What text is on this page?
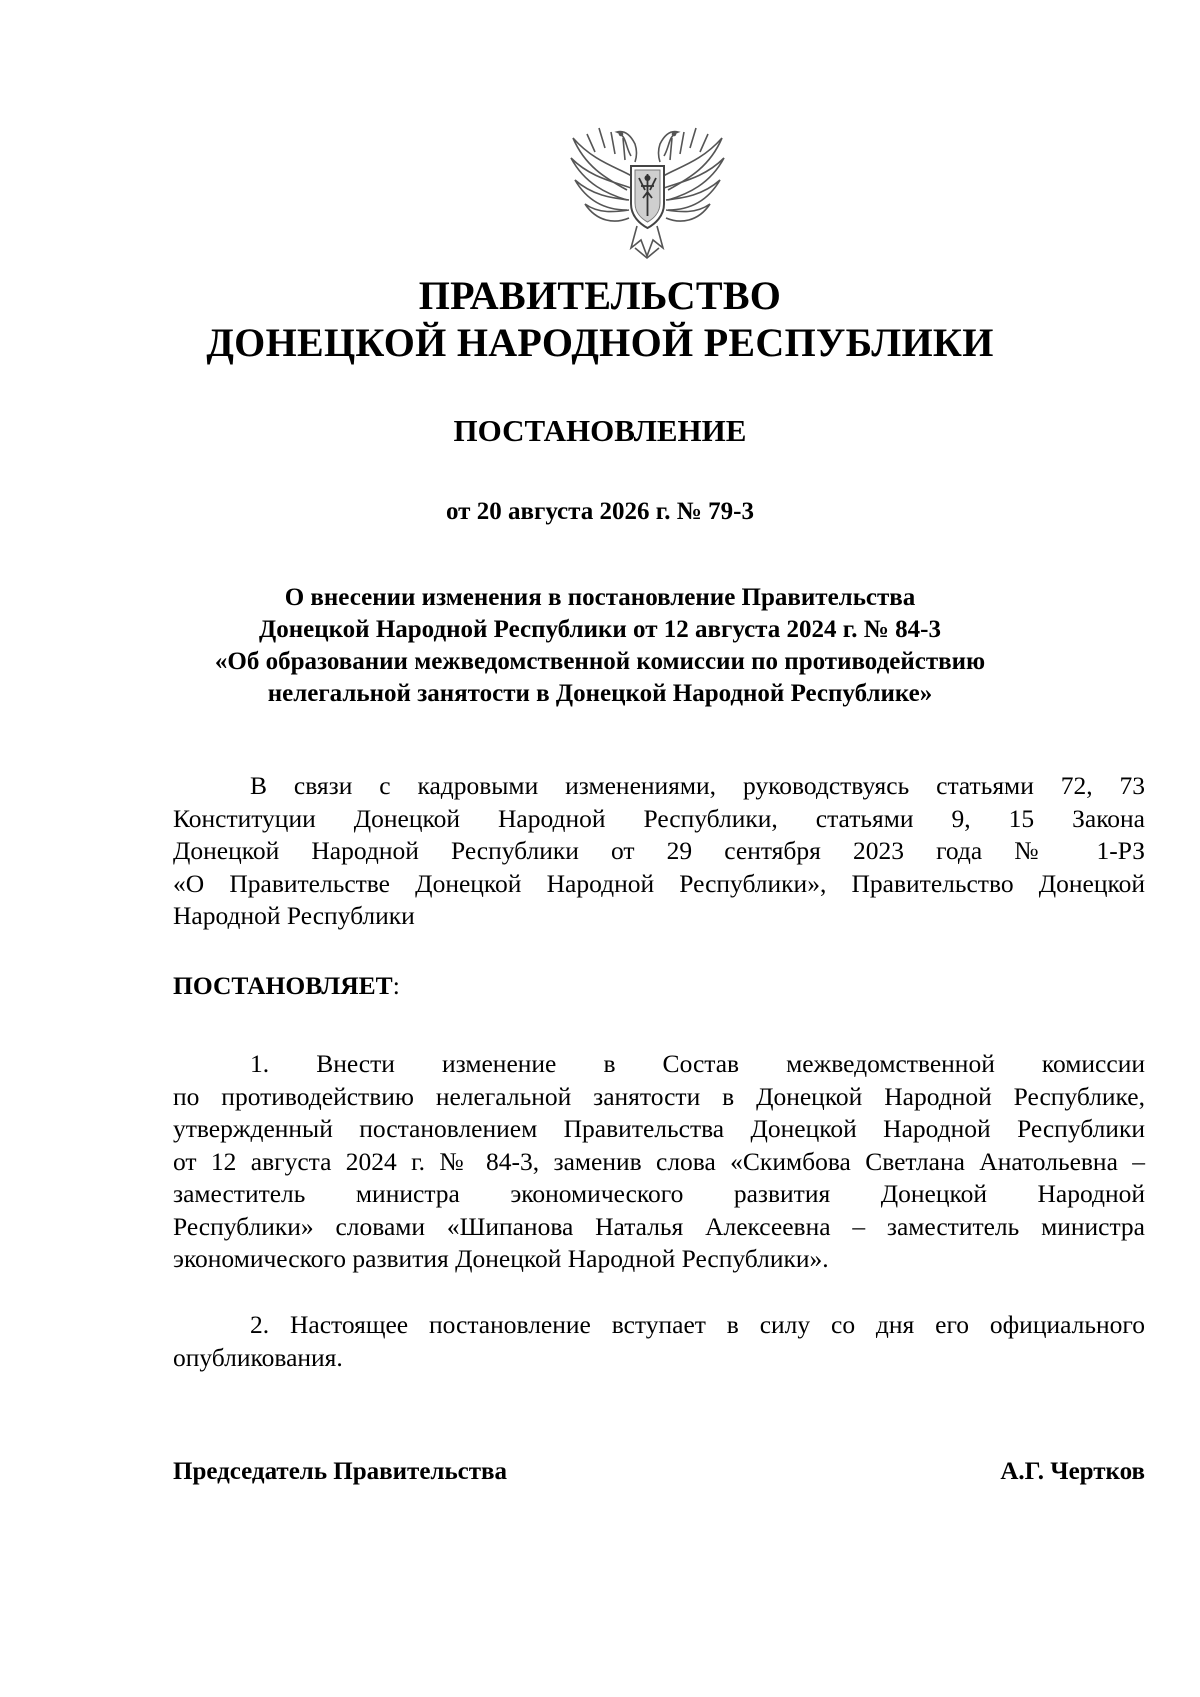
ПРАВИТЕЛЬСТВО
ДОНЕЦКОЙ НАРОДНОЙ РЕСПУБЛИКИ
ПОСТАНОВЛЕНИЕ
от 20 августа 2026 г. № 79-3
О внесении изменения в постановление Правительства
Донецкой Народной Республики от 12 августа 2024 г. № 84-3
«Об образовании межведомственной комиссии по противодействию
нелегальной занятости в Донецкой Народной Республике»
В связи с кадровыми изменениями, руководствуясь статьями 72, 73
Конституции Донецкой Народной Республики, статьями 9, 15 Закона
Донецкой Народной Республики от 29 сентября 2023 года № 1-РЗ
«О Правительстве Донецкой Народной Республики», Правительство Донецкой
Народной Республики
ПОСТАНОВЛЯЕТ:
1. Внести изменение в Состав межведомственной комиссии
по противодействию нелегальной занятости в Донецкой Народной Республике,
утвержденный постановлением Правительства Донецкой Народной Республики
от 12 августа 2024 г. № 84-3, заменив слова «Скимбова Светлана Анатольевна –
заместитель министра экономического развития Донецкой Народной
Республики» словами «Шипанова Наталья Алексеевна – заместитель министра
экономического развития Донецкой Народной Республики».
2. Настоящее постановление вступает в силу со дня его официального
опубликования.
Председатель Правительства	А.Г. Чертков
